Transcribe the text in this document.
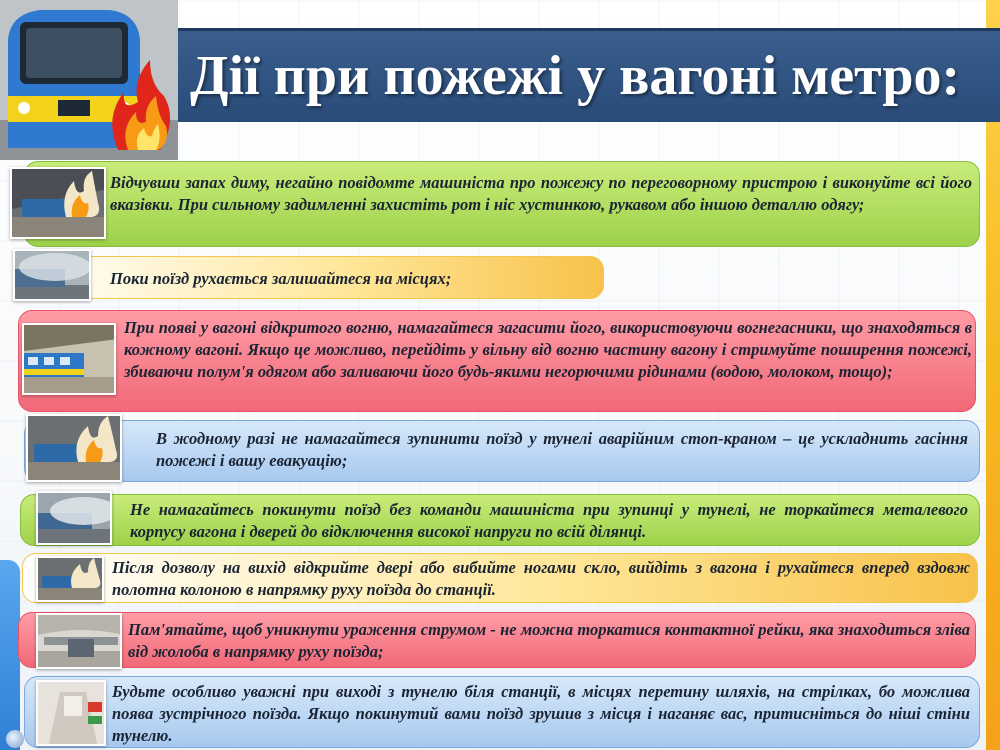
Дії при пожежі у вагоні метро:
Відчувши запах диму, негайно повідомте машиніста про пожежу по переговорному пристрою і виконуйте всі його вказівки. При сильному задимленні захистіть рот і ніс хустинкою, рукавом або іншою деталлю одягу;
Поки поїзд рухається залишайтеся на місцях;
При появі у вагоні відкритого вогню, намагайтеся загасити його, використовуючи вогнегасники, що знаходяться в кожному вагоні. Якщо це можливо, перейдіть у вільну від вогню частину вагону і стримуйте поширення пожежі, збиваючи полум'я одягом або заливаючи його будь-якими негорючими рідинами (водою, молоком, тощо);
В жодному разі не намагайтеся зупинити поїзд у тунелі аварійним стоп-краном – це ускладнить гасіння пожежі і вашу евакуацію;
Не намагайтесь покинути поїзд без команди машиніста при зупинці у тунелі, не торкайтеся металевого корпусу вагона і дверей до відключення високої напруги по всій ділянці.
Після дозволу на вихід відкрийте двері або вибийте ногами скло, вийдіть з вагона і рухайтеся вперед вздовж полотна колоною в напрямку руху поїзда до станції.
Пам'ятайте, щоб уникнути ураження струмом - не можна торкатися контактної рейки, яка знаходиться зліва від жолоба в напрямку руху поїзда;
Будьте особливо уважні при виході з тунелю біля станції, в місцях перетину шляхів, на стрілках, бо можлива поява зустрічного поїзда. Якщо покинутий вами поїзд зрушив з місця і наганяє вас, притисніться до ніші стіни тунелю.
